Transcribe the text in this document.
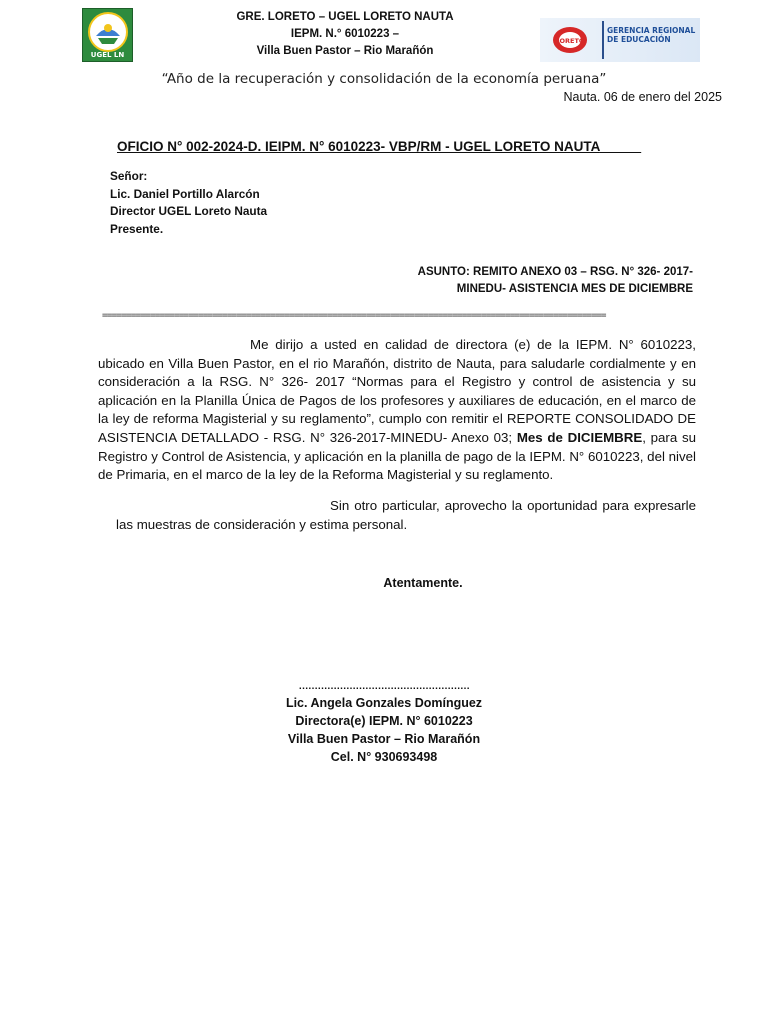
UGEL LN
GRE. LORETO – UGEL LORETO NAUTA
IEPM. N.° 6010223 –
Villa Buen Pastor – Rio Marañón
LORETO
GERENCIA REGIONAL DE EDUCACIÓN
“Año de la recuperación y consolidación de la economía peruana”
Nauta. 06 de enero del 2025
OFICIO N° 002-2024-D. IEIPM. N° 6010223- VBP/RM - UGEL LORETO NAUTA
Señor:
Lic. Daniel Portillo Alarcón
Director UGEL Loreto Nauta
Presente.
ASUNTO: REMITO ANEXO 03 – RSG. N° 326- 2017-
MINEDU- ASISTENCIA MES DE DICIEMBRE
=========================================================================================================
Me dirijo a usted en calidad de directora (e) de la IEPM. N° 6010223, ubicado en Villa Buen Pastor, en el rio Marañón, distrito de Nauta, para saludarle cordialmente y en consideración a la RSG. N° 326- 2017 “Normas para el Registro y control de asistencia y su aplicación en la Planilla Única de Pagos de los profesores y auxiliares de educación, en el marco de la ley de reforma Magisterial y su reglamento”, cumplo con remitir el REPORTE CONSOLIDADO DE ASISTENCIA DETALLADO - RSG. N° 326-2017-MINEDU- Anexo 03; Mes de DICIEMBRE, para su Registro y Control de Asistencia, y aplicación en la planilla de pago de la IEPM. N° 6010223, del nivel de Primaria, en el marco de la ley de la Reforma Magisterial y su reglamento.
Sin otro particular, aprovecho la oportunidad para expresarle las muestras de consideración y estima personal.
Atentamente.
………………………………………………
Lic. Angela Gonzales Domínguez
Directora(e) IEPM. N° 6010223
Villa Buen Pastor – Rio Marañón
Cel. N° 930693498
